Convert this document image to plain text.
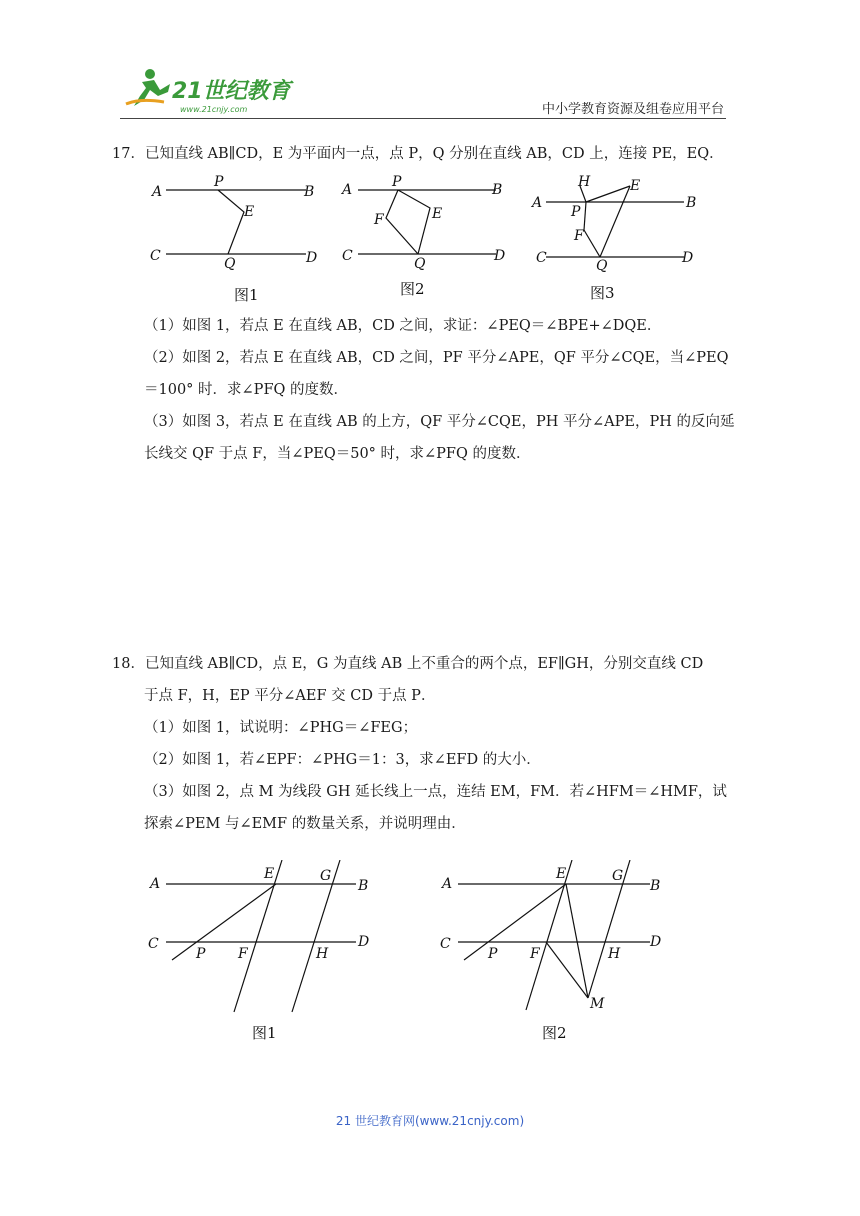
21世纪教育
www.21cnjy.com	中小学教育资源及组卷应用平台

17．已知直线 AB∥CD，E 为平面内一点，点 P，Q 分别在直线 AB，CD 上，连接 PE，EQ．

A	B
C	D
P
E
Q
图1
A	B
C	D
P
E
F
Q
图2
A	B
C	D
H	E
P
F
Q
图3

（1）如图 1，若点 E 在直线 AB，CD 之间，求证：∠PEQ＝∠BPE+∠DQE．

（2）如图 2，若点 E 在直线 AB，CD 之间，PF 平分∠APE，QF 平分∠CQE，当∠PEQ

＝100° 时．求∠PFQ 的度数．

（3）如图 3，若点 E 在直线 AB 的上方，QF 平分∠CQE，PH 平分∠APE，PH 的反向延

长线交 QF 于点 F，当∠PEQ＝50° 时，求∠PFQ 的度数．

18．已知直线 AB∥CD，点 E，G 为直线 AB 上不重合的两个点，EF∥GH，分别交直线 CD

于点 F，H，EP 平分∠AEF 交 CD 于点 P．

（1）如图 1，试说明：∠PHG＝∠FEG；

（2）如图 1，若∠EPF：∠PHG＝1：3，求∠EFD 的大小．

（3）如图 2，点 M 为线段 GH 延长线上一点，连结 EM，FM．若∠HFM＝∠HMF，试

探索∠PEM 与∠EMF 的数量关系，并说明理由．

A	B
C	D
E	G
P F	H
图1
A	B
C	D
E	G
P F	H
M
图2
21 世纪教育网(www.21cnjy.com)
